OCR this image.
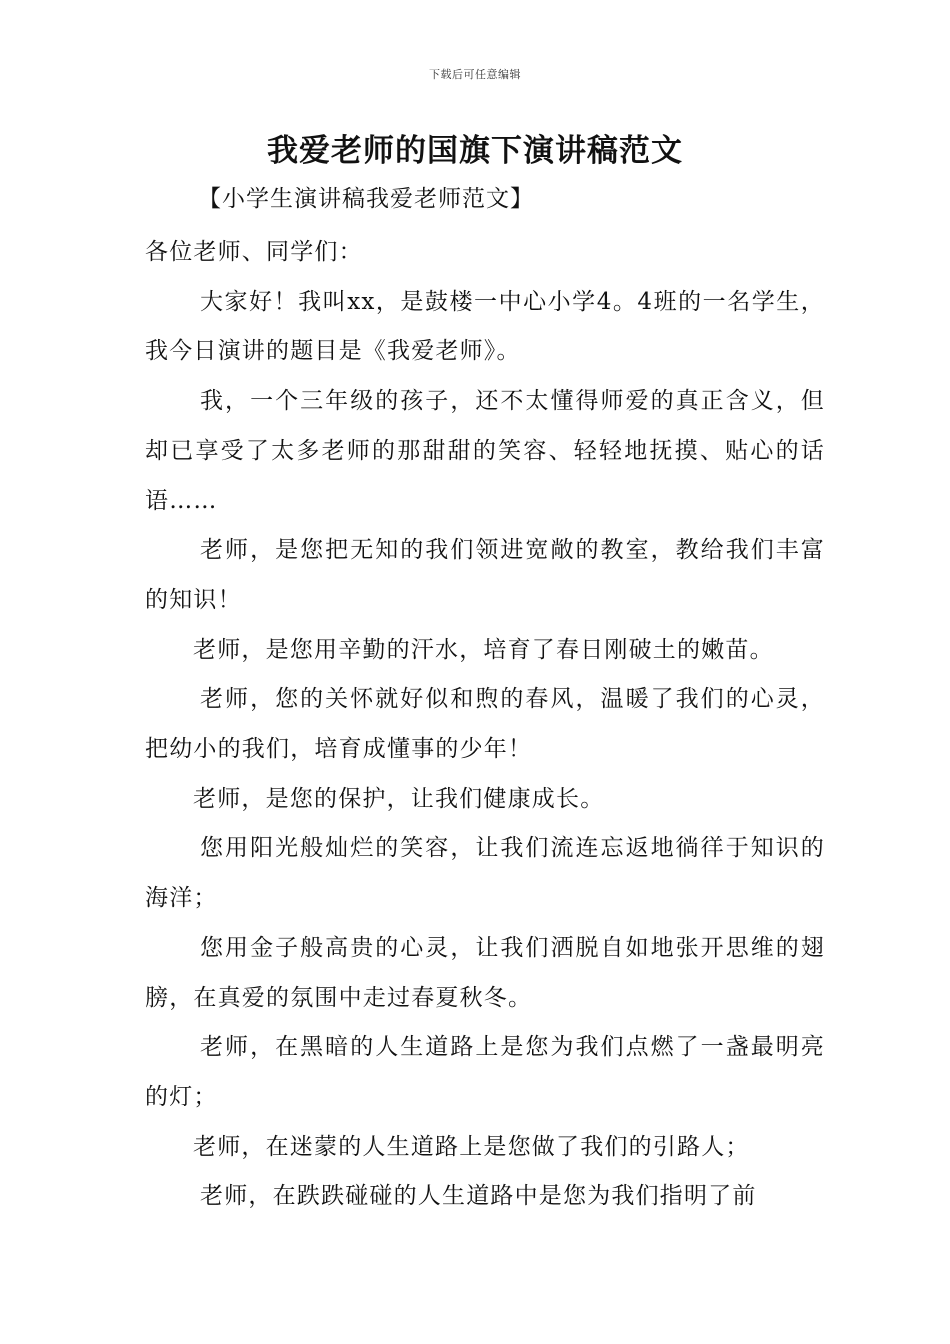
下载后可任意编辑
我爱老师的国旗下演讲稿范文
【小学生演讲稿我爱老师范文】

各位老师、同学们：

大家好！我叫xx，是鼓楼一中心小学4。4班的一名学生，我今日演讲的题目是《我爱老师》。

我，一个三年级的孩子，还不太懂得师爱的真正含义，但却已享受了太多老师的那甜甜的笑容、轻轻地抚摸、贴心的话语……

老师，是您把无知的我们领进宽敞的教室，教给我们丰富的知识！

老师，是您用辛勤的汗水，培育了春日刚破土的嫩苗。

老师，您的关怀就好似和煦的春风，温暖了我们的心灵，把幼小的我们，培育成懂事的少年！

老师，是您的保护，让我们健康成长。

您用阳光般灿烂的笑容，让我们流连忘返地徜徉于知识的海洋；

您用金子般高贵的心灵，让我们洒脱自如地张开思维的翅膀，在真爱的氛围中走过春夏秋冬。

老师，在黑暗的人生道路上是您为我们点燃了一盏最明亮的灯；

老师，在迷蒙的人生道路上是您做了我们的引路人；

老师，在跌跌碰碰的人生道路中是您为我们指明了前
